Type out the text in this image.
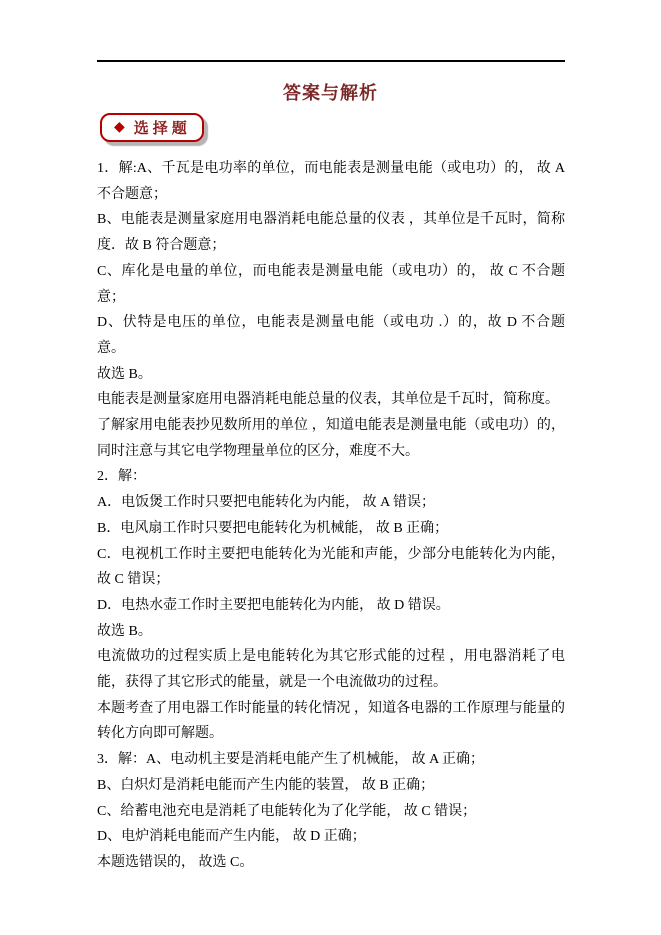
答案与解析
◆ 选择题

1．解:A、千瓦是电功率的单位，而电能表是测量电能（或电功）的， 故 A 不合题意；

B、电能表是测量家庭用电器消耗电能总量的仪表 ，其单位是千瓦时，简称度．故 B 符合题意；

C、库化是电量的单位，而电能表是测量电能（或电功）的， 故 C 不合题意；

D、伏特是电压的单位，电能表是测量电能（或电功 .）的，故 D 不合题意。

故选 B。

电能表是测量家庭用电器消耗电能总量的仪表，其单位是千瓦时，简称度。

了解家用电能表抄见数所用的单位 ，知道电能表是测量电能（或电功）的，同时注意与其它电学物理量单位的区分，难度不大。

2．解：

A．电饭煲工作时只要把电能转化为内能， 故 A 错误；

B．电风扇工作时只要把电能转化为机械能， 故 B 正确；

C．电视机工作时主要把电能转化为光能和声能，少部分电能转化为内能，故 C 错误；

D．电热水壶工作时主要把电能转化为内能， 故 D 错误。

故选 B。

电流做功的过程实质上是电能转化为其它形式能的过程 ，用电器消耗了电能，获得了其它形式的能量，就是一个电流做功的过程。

本题考查了用电器工作时能量的转化情况 ，知道各电器的工作原理与能量的转化方向即可解题。

3．解：A、电动机主要是消耗电能产生了机械能， 故 A 正确；

B、白炽灯是消耗电能而产生内能的装置， 故 B 正确；

C、给蓄电池充电是消耗了电能转化为了化学能， 故 C 错误；

D、电炉消耗电能而产生内能， 故 D 正确；

本题选错误的， 故选 C。
